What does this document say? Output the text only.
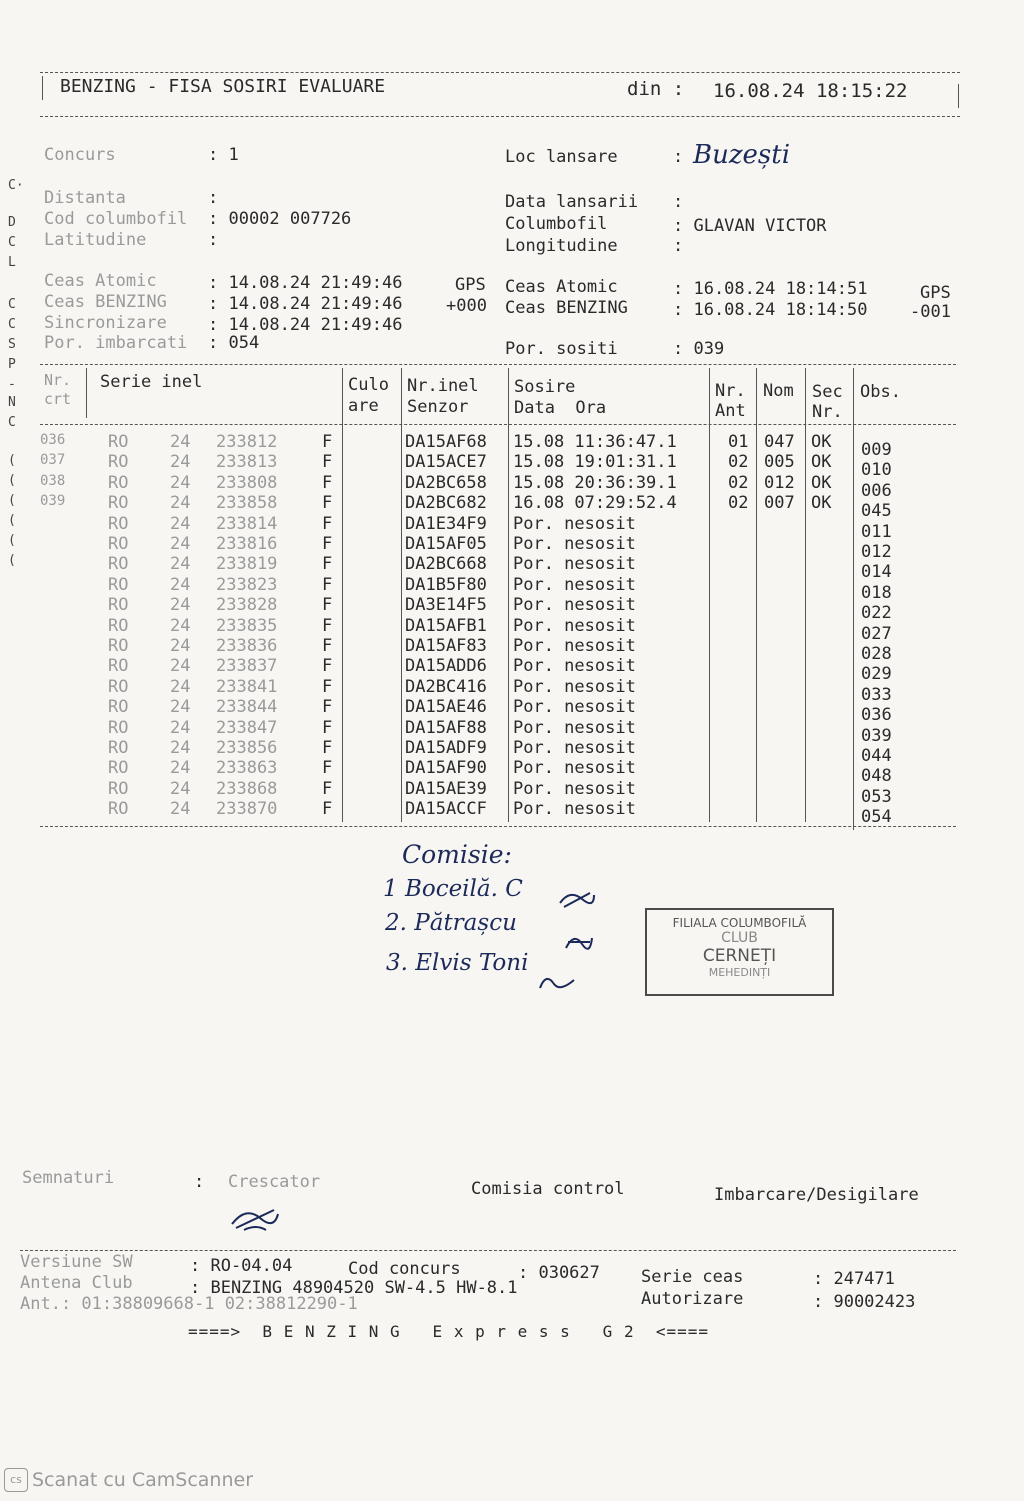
C·
D
C
L
C
C
S
P
-
N
C
(
(
(
(
(
(
BENZING - FISA SOSIRI EVALUARE	din : 16.08.24 18:15:22
Concurs	: 1
Distanta	:
Cod columbofil : 00002 007726
Latitudine	:
Loc lansare	: Buzești
Data lansarii :
Columbofil	: GLAVAN VICTOR
Longitudine	:
Ceas Atomic	: 14.08.24 21:49:46	GPS
Ceas BENZING : 14.08.24 21:49:46	+000
Sincronizare : 14.08.24 21:49:46
Por. imbarcati : 054
Ceas Atomic	: 16.08.24 18:14:51	GPS
Ceas BENZING	: 16.08.24 18:14:50	-001
Por. sositi	: 039
Nr.
crt
Serie inel	Culo
are
Nr.inel
Senzor
Sosire
Data  Ora
Nr.
Ant
Nom Sec
Nr.
Obs.
036	RO 24 233812	F	DA15AF68 15.08 11:36:47.1	01 047 OK 009
037	RO 24 233813	F	DA15ACE7 15.08 19:01:31.1	02 005 OK 010
038	RO 24 233808	F	DA2BC658 15.08 20:36:39.1	02 012 OK 006
039	RO 24 233858	F	DA2BC682 16.08 07:29:52.4	02 007 OK 045
RO 24 233814	F	DA1E34F9 Por. nesosit	011
RO 24 233816	F	DA15AF05 Por. nesosit	012
RO 24 233819	F	DA2BC668 Por. nesosit	014
RO 24 233823	F	DA1B5F80 Por. nesosit	018
RO 24 233828	F	DA3E14F5 Por. nesosit	022
RO 24 233835	F	DA15AFB1 Por. nesosit	027
RO 24 233836	F	DA15AF83 Por. nesosit	028
RO 24 233837	F	DA15ADD6 Por. nesosit	029
RO 24 233841	F	DA2BC416 Por. nesosit	033
RO 24 233844	F	DA15AE46 Por. nesosit	036
RO 24 233847	F	DA15AF88 Por. nesosit	039
RO 24 233856	F	DA15ADF9 Por. nesosit	044
RO 24 233863	F	DA15AF90 Por. nesosit	048
RO 24 233868	F	DA15AE39 Por. nesosit	053
RO 24 233870	F	DA15ACCF Por. nesosit	054
Comisie:
1 Boceilă. C
2. Pătrașcu
3. Elvis Toni
FILIALA COLUMBOFILĂ
CLUB
CERNEȚI
MEHEDINȚI
Semnaturi	: Crescator	Comisia control	Imbarcare/Desigilare
Versiune SW	: RO-04.04	Cod concurs	: 030627 Serie ceas	: 247471
Antena Club	: BENZING 48904520 SW-4.5 HW-8.1
Autorizare	: 90002423
Ant.: 01:38809668-1 02:38812290-1
====>  B E N Z I N G   E x p r e s s   G 2  <====
cs Scanat cu CamScanner
